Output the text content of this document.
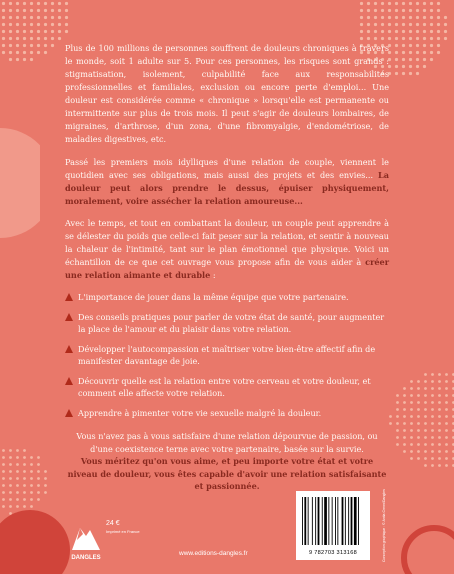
Plus de 100 millions de personnes souffrent de douleurs chroniques à travers le monde, soit 1 adulte sur 5. Pour ces personnes, les risques sont grands : stigmatisation, isolement, culpabilité face aux responsabilités professionnelles et familiales, exclusion ou encore perte d'emploi... Une douleur est considérée comme « chronique » lorsqu'elle est permanente ou intermittente sur plus de trois mois. Il peut s'agir de douleurs lombaires, de migraines, d'arthrose, d'un zona, d'une fibromyalgie, d'endométriose, de maladies digestives, etc.

Passé les premiers mois idylliques d'une relation de couple, viennent le quotidien avec ses obligations, mais aussi des projets et des envies... La douleur peut alors prendre le dessus, épuiser physiquement, moralement, voire assécher la relation amoureuse...

Avec le temps, et tout en combattant la douleur, un couple peut apprendre à se délester du poids que celle-ci fait peser sur la relation, et sentir à nouveau la chaleur de l'intimité, tant sur le plan émotionnel que physique. Voici un échantillon de ce que cet ouvrage vous propose afin de vous aider à créer une relation aimante et durable :

L'importance de jouer dans la même équipe que votre partenaire.
Des conseils pratiques pour parler de votre état de santé, pour augmenter la place de l'amour et du plaisir dans votre relation.
Développer l'autocompassion et maîtriser votre bien-être affectif afin de manifester davantage de joie.
Découvrir quelle est la relation entre votre cerveau et votre douleur, et comment elle affecte votre relation.
Apprendre à pimenter votre vie sexuelle malgré la douleur.

Vous n'avez pas à vous satisfaire d'une relation dépourvue de passion, ou d'une coexistence terne avec votre partenaire, basée sur la survie.
Vous méritez qu'on vous aime, et peu importe votre état et votre niveau de douleur, vous êtes capable d'avoir une relation satisfaisante et passionnée.

DANGLES
24 €
Imprimé en France
www.editions-dangles.fr	9 782703 313168	Conception graphique : © Anita Crenn/Dangles
